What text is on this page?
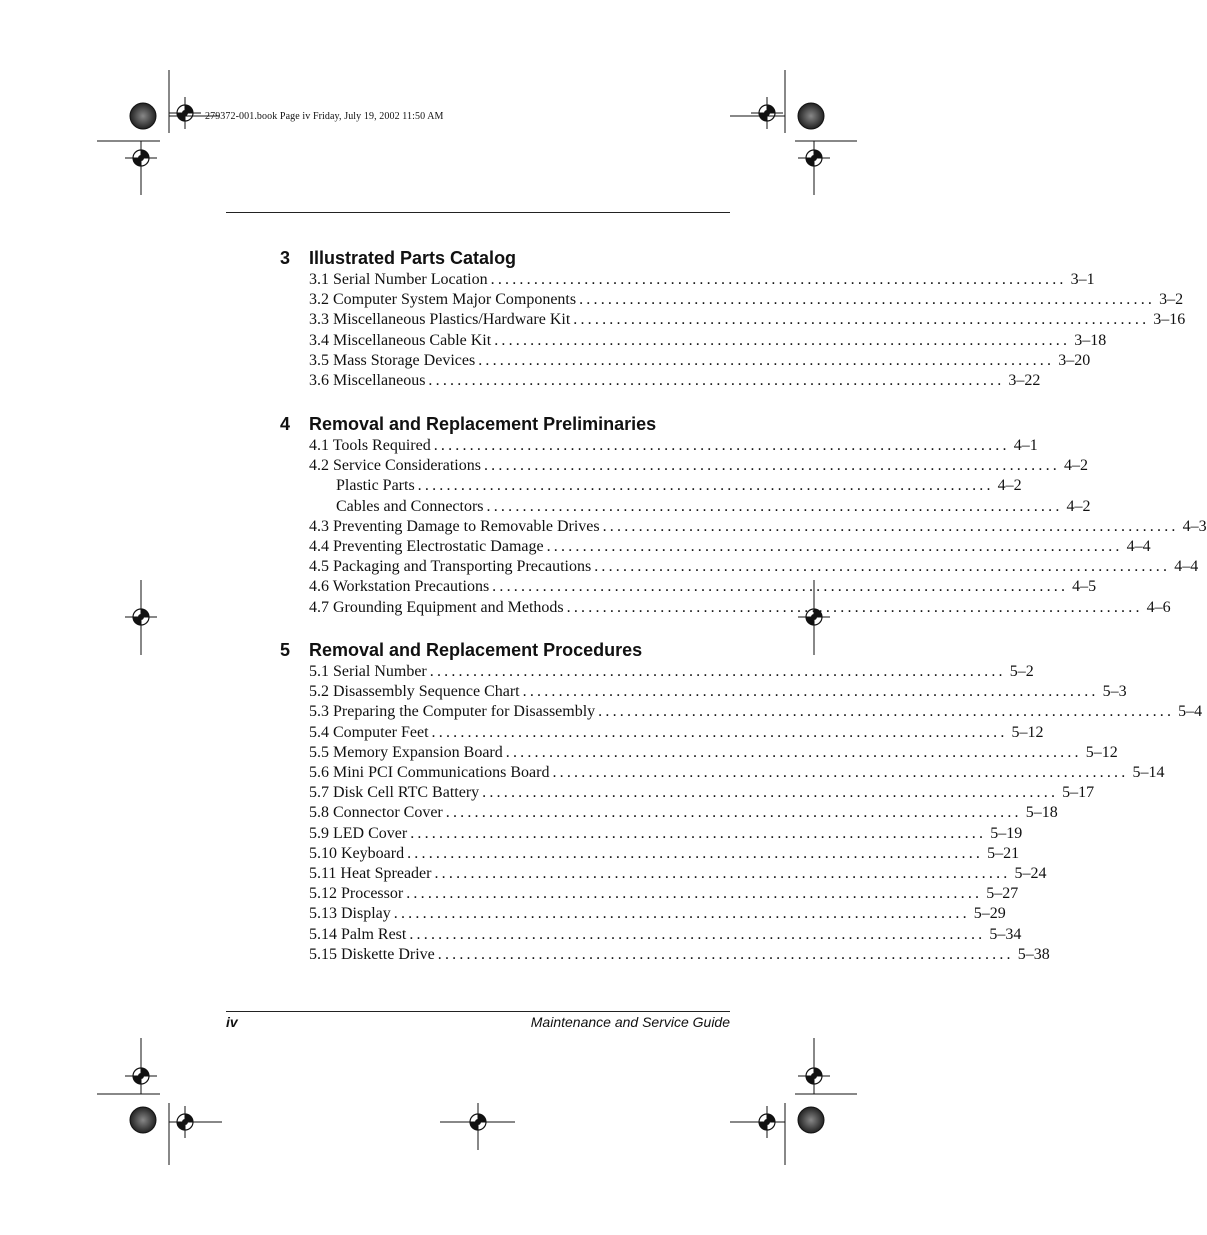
279372-001.book Page iv Friday, July 19, 2002 11:50 AM
3 Illustrated Parts Catalog
3.1 Serial Number Location ................................................................................ 3–1
3.2 Computer System Major Components ................................................................................ 3–2
3.3 Miscellaneous Plastics/Hardware Kit ................................................................................ 3–16
3.4 Miscellaneous Cable Kit ................................................................................ 3–18
3.5 Mass Storage Devices ................................................................................ 3–20
3.6 Miscellaneous ................................................................................ 3–22
4 Removal and Replacement Preliminaries
4.1 Tools Required ................................................................................ 4–1
4.2 Service Considerations ................................................................................ 4–2
Plastic Parts ................................................................................ 4–2
Cables and Connectors ................................................................................ 4–2
4.3 Preventing Damage to Removable Drives ................................................................................ 4–3
4.4 Preventing Electrostatic Damage ................................................................................ 4–4
4.5 Packaging and Transporting Precautions ................................................................................ 4–4
4.6 Workstation Precautions ................................................................................ 4–5
4.7 Grounding Equipment and Methods ................................................................................ 4–6
5 Removal and Replacement Procedures
5.1 Serial Number ................................................................................ 5–2
5.2 Disassembly Sequence Chart ................................................................................ 5–3
5.3 Preparing the Computer for Disassembly ................................................................................ 5–4
5.4 Computer Feet ................................................................................ 5–12
5.5 Memory Expansion Board ................................................................................ 5–12
5.6 Mini PCI Communications Board ................................................................................ 5–14
5.7 Disk Cell RTC Battery ................................................................................ 5–17
5.8 Connector Cover ................................................................................ 5–18
5.9 LED Cover ................................................................................ 5–19
5.10 Keyboard ................................................................................ 5–21
5.11 Heat Spreader ................................................................................ 5–24
5.12 Processor ................................................................................ 5–27
5.13 Display ................................................................................ 5–29
5.14 Palm Rest ................................................................................ 5–34
5.15 Diskette Drive ................................................................................ 5–38
iv	Maintenance and Service Guide
